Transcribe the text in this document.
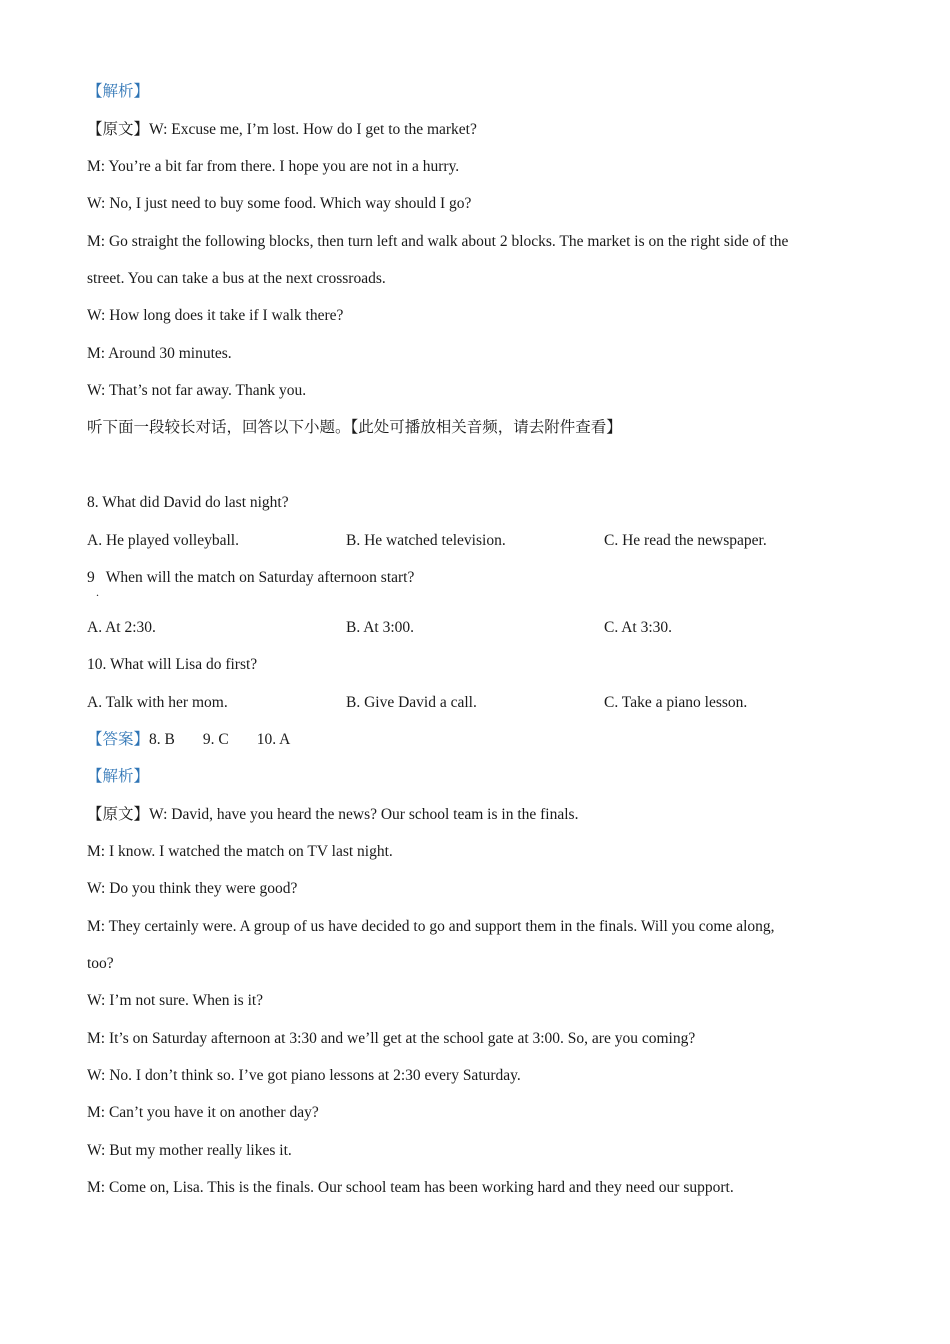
【解析】
【原文】W: Excuse me, I’m lost. How do I get to the market?
M: You’re a bit far from there. I hope you are not in a hurry.
W: No, I just need to buy some food. Which way should I go?
M: Go straight the following blocks, then turn left and walk about 2 blocks. The market is on the right side of the
street. You can take a bus at the next crossroads.
W: How long does it take if I walk there?
M: Around 30 minutes.
W: That’s not far away. Thank you.
听下面一段较长对话，回答以下小题。【此处可播放相关音频，请去附件查看】
8. What did David do last night?
A. He played volleyball.	B. He watched television.	C. He read the newspaper.
9 When will the match on Saturday afternoon start?
.
A. At 2:30.	B. At 3:00.	C. At 3:30.
10. What will Lisa do first?
A. Talk with her mom.	B. Give David a call.	C. Take a piano lesson.
【答案】8. B 9. C 10. A
【解析】
【原文】W: David, have you heard the news? Our school team is in the finals.
M: I know. I watched the match on TV last night.
W: Do you think they were good?
M: They certainly were. A group of us have decided to go and support them in the finals. Will you come along,
too?
W: I’m not sure. When is it?
M: It’s on Saturday afternoon at 3:30 and we’ll get at the school gate at 3:00. So, are you coming?
W: No. I don’t think so. I’ve got piano lessons at 2:30 every Saturday.
M: Can’t you have it on another day?
W: But my mother really likes it.
M: Come on, Lisa. This is the finals. Our school team has been working hard and they need our support.
